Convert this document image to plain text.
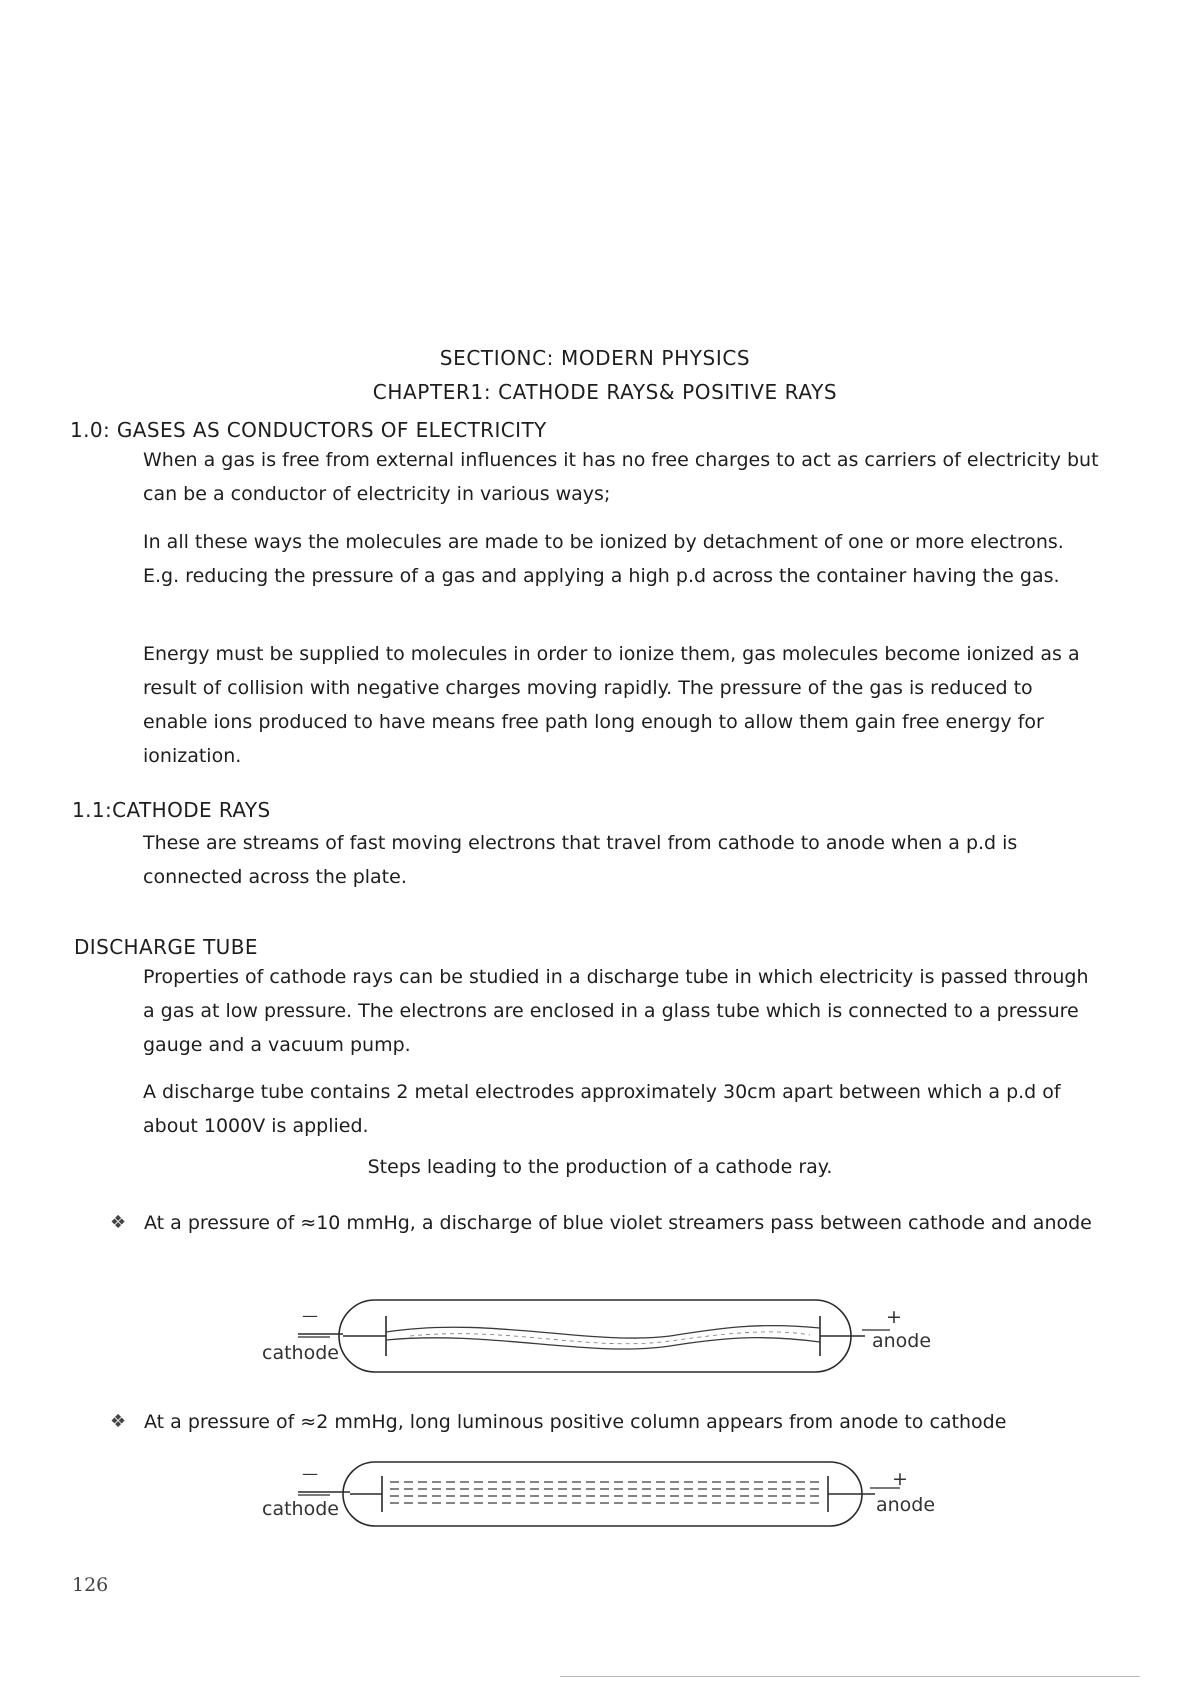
SECTIONC: MODERN PHYSICS
CHAPTER1: CATHODE RAYS& POSITIVE RAYS
1.0: GASES AS CONDUCTORS OF ELECTRICITY
When a gas is free from external influences it has no free charges to act as carriers of electricity but can be a conductor of electricity in various ways;
In all these ways the molecules are made to be ionized by detachment of one or more electrons. E.g. reducing the pressure of a gas and applying a high p.d across the container having the gas.
Energy must be supplied to molecules in order to ionize them, gas molecules become ionized as a result of collision with negative charges moving rapidly. The pressure of the gas is reduced to enable ions produced to have means free path long enough to allow them gain free energy for ionization.
1.1:CATHODE RAYS
These are streams of fast moving electrons that travel from cathode to anode when a p.d is connected across the plate.
DISCHARGE TUBE
Properties of cathode rays can be studied in a discharge tube in which electricity is passed through a gas at low pressure. The electrons are enclosed in a glass tube which is connected to a pressure gauge and a vacuum pump.
A discharge tube contains 2 metal electrodes approximately 30cm apart between which a p.d of about 1000V is applied.
Steps leading to the production of a cathode ray.
❖ At a pressure of ≈10 mmHg, a discharge of blue violet streamers pass between cathode and anode
cathode
—
anode
+
❖ At a pressure of ≈2 mmHg, long luminous positive column appears from anode to cathode
cathode
—
anode
+
126
